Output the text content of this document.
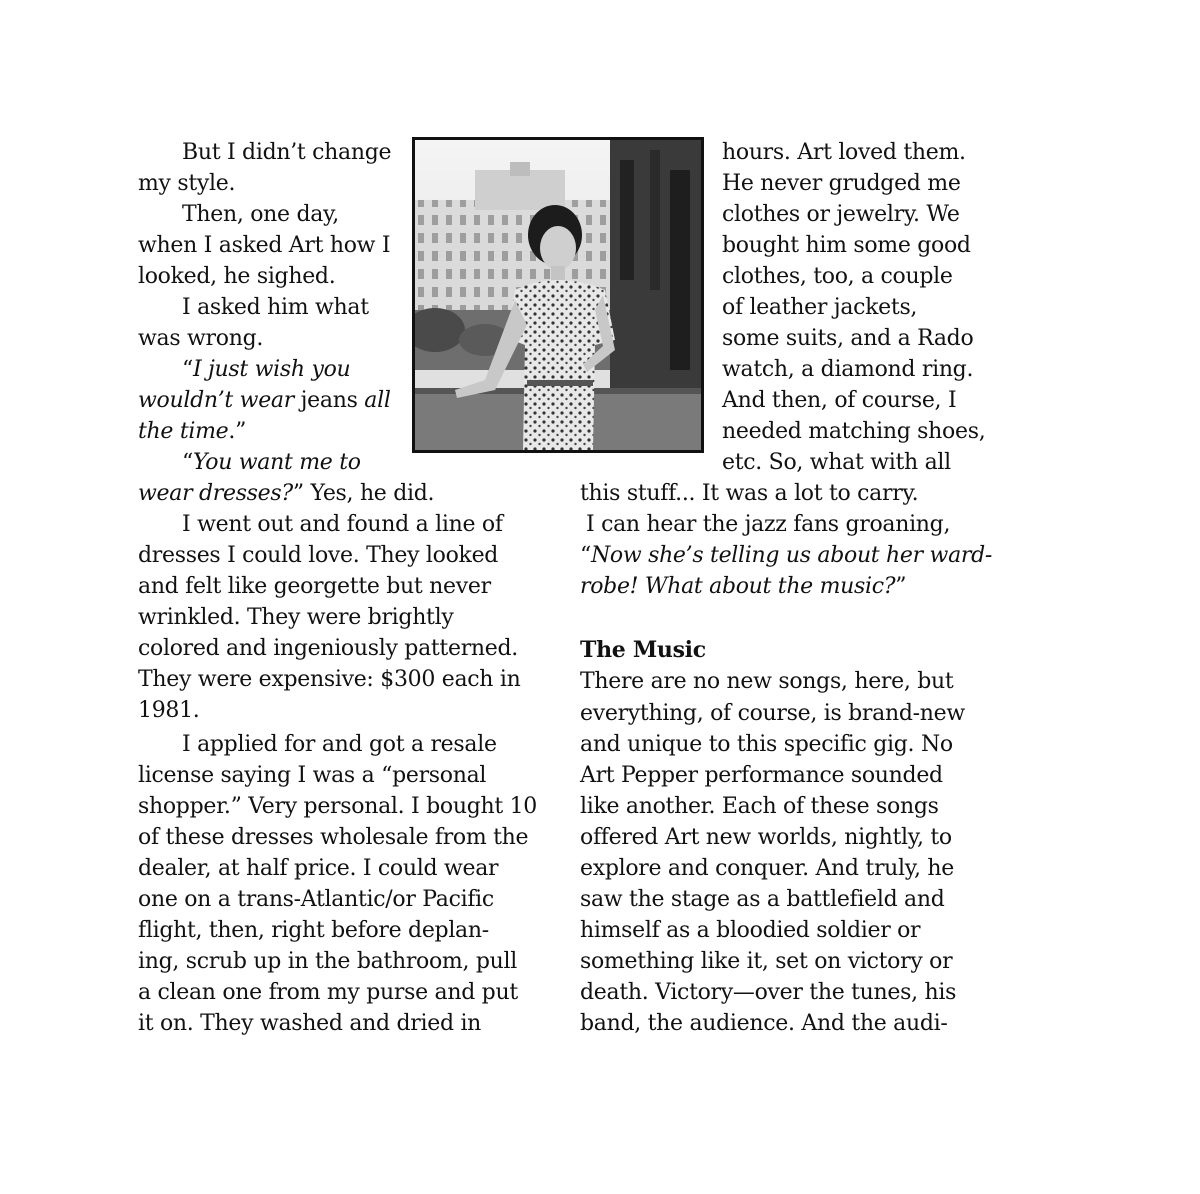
But I didn’t change
my style.
Then, one day,
when I asked Art how I
looked, he sighed.
I asked him what
was wrong.
“I just wish you
wouldn’t wear jeans all
the time.”
“You want me to
wear dresses?” Yes, he did.
I went out and found a line of
dresses I could love. They looked
and felt like georgette but never
wrinkled. They were brightly
colored and ingeniously patterned.
They were expensive: $300 each in
1981.
I applied for and got a resale
license saying I was a “personal
shopper.” Very personal. I bought 10
of these dresses wholesale from the
dealer, at half price. I could wear
one on a trans-Atlantic/or Pacific
flight, then, right before deplan-
ing, scrub up in the bathroom, pull
a clean one from my purse and put
it on. They washed and dried in
hours. Art loved them.
He never grudged me
clothes or jewelry. We
bought him some good
clothes, too, a couple
of leather jackets,
some suits, and a Rado
watch, a diamond ring.
And then, of course, I
needed matching shoes,
etc. So, what with all
this stuff... It was a lot to carry.
I can hear the jazz fans groaning,
“Now she’s telling us about her ward-
robe! What about the music?”
The Music
There are no new songs, here, but
everything, of course, is brand-new
and unique to this specific gig. No
Art Pepper performance sounded
like another. Each of these songs
offered Art new worlds, nightly, to
explore and conquer. And truly, he
saw the stage as a battlefield and
himself as a bloodied soldier or
something like it, set on victory or
death. Victory—over the tunes, his
band, the audience. And the audi-
